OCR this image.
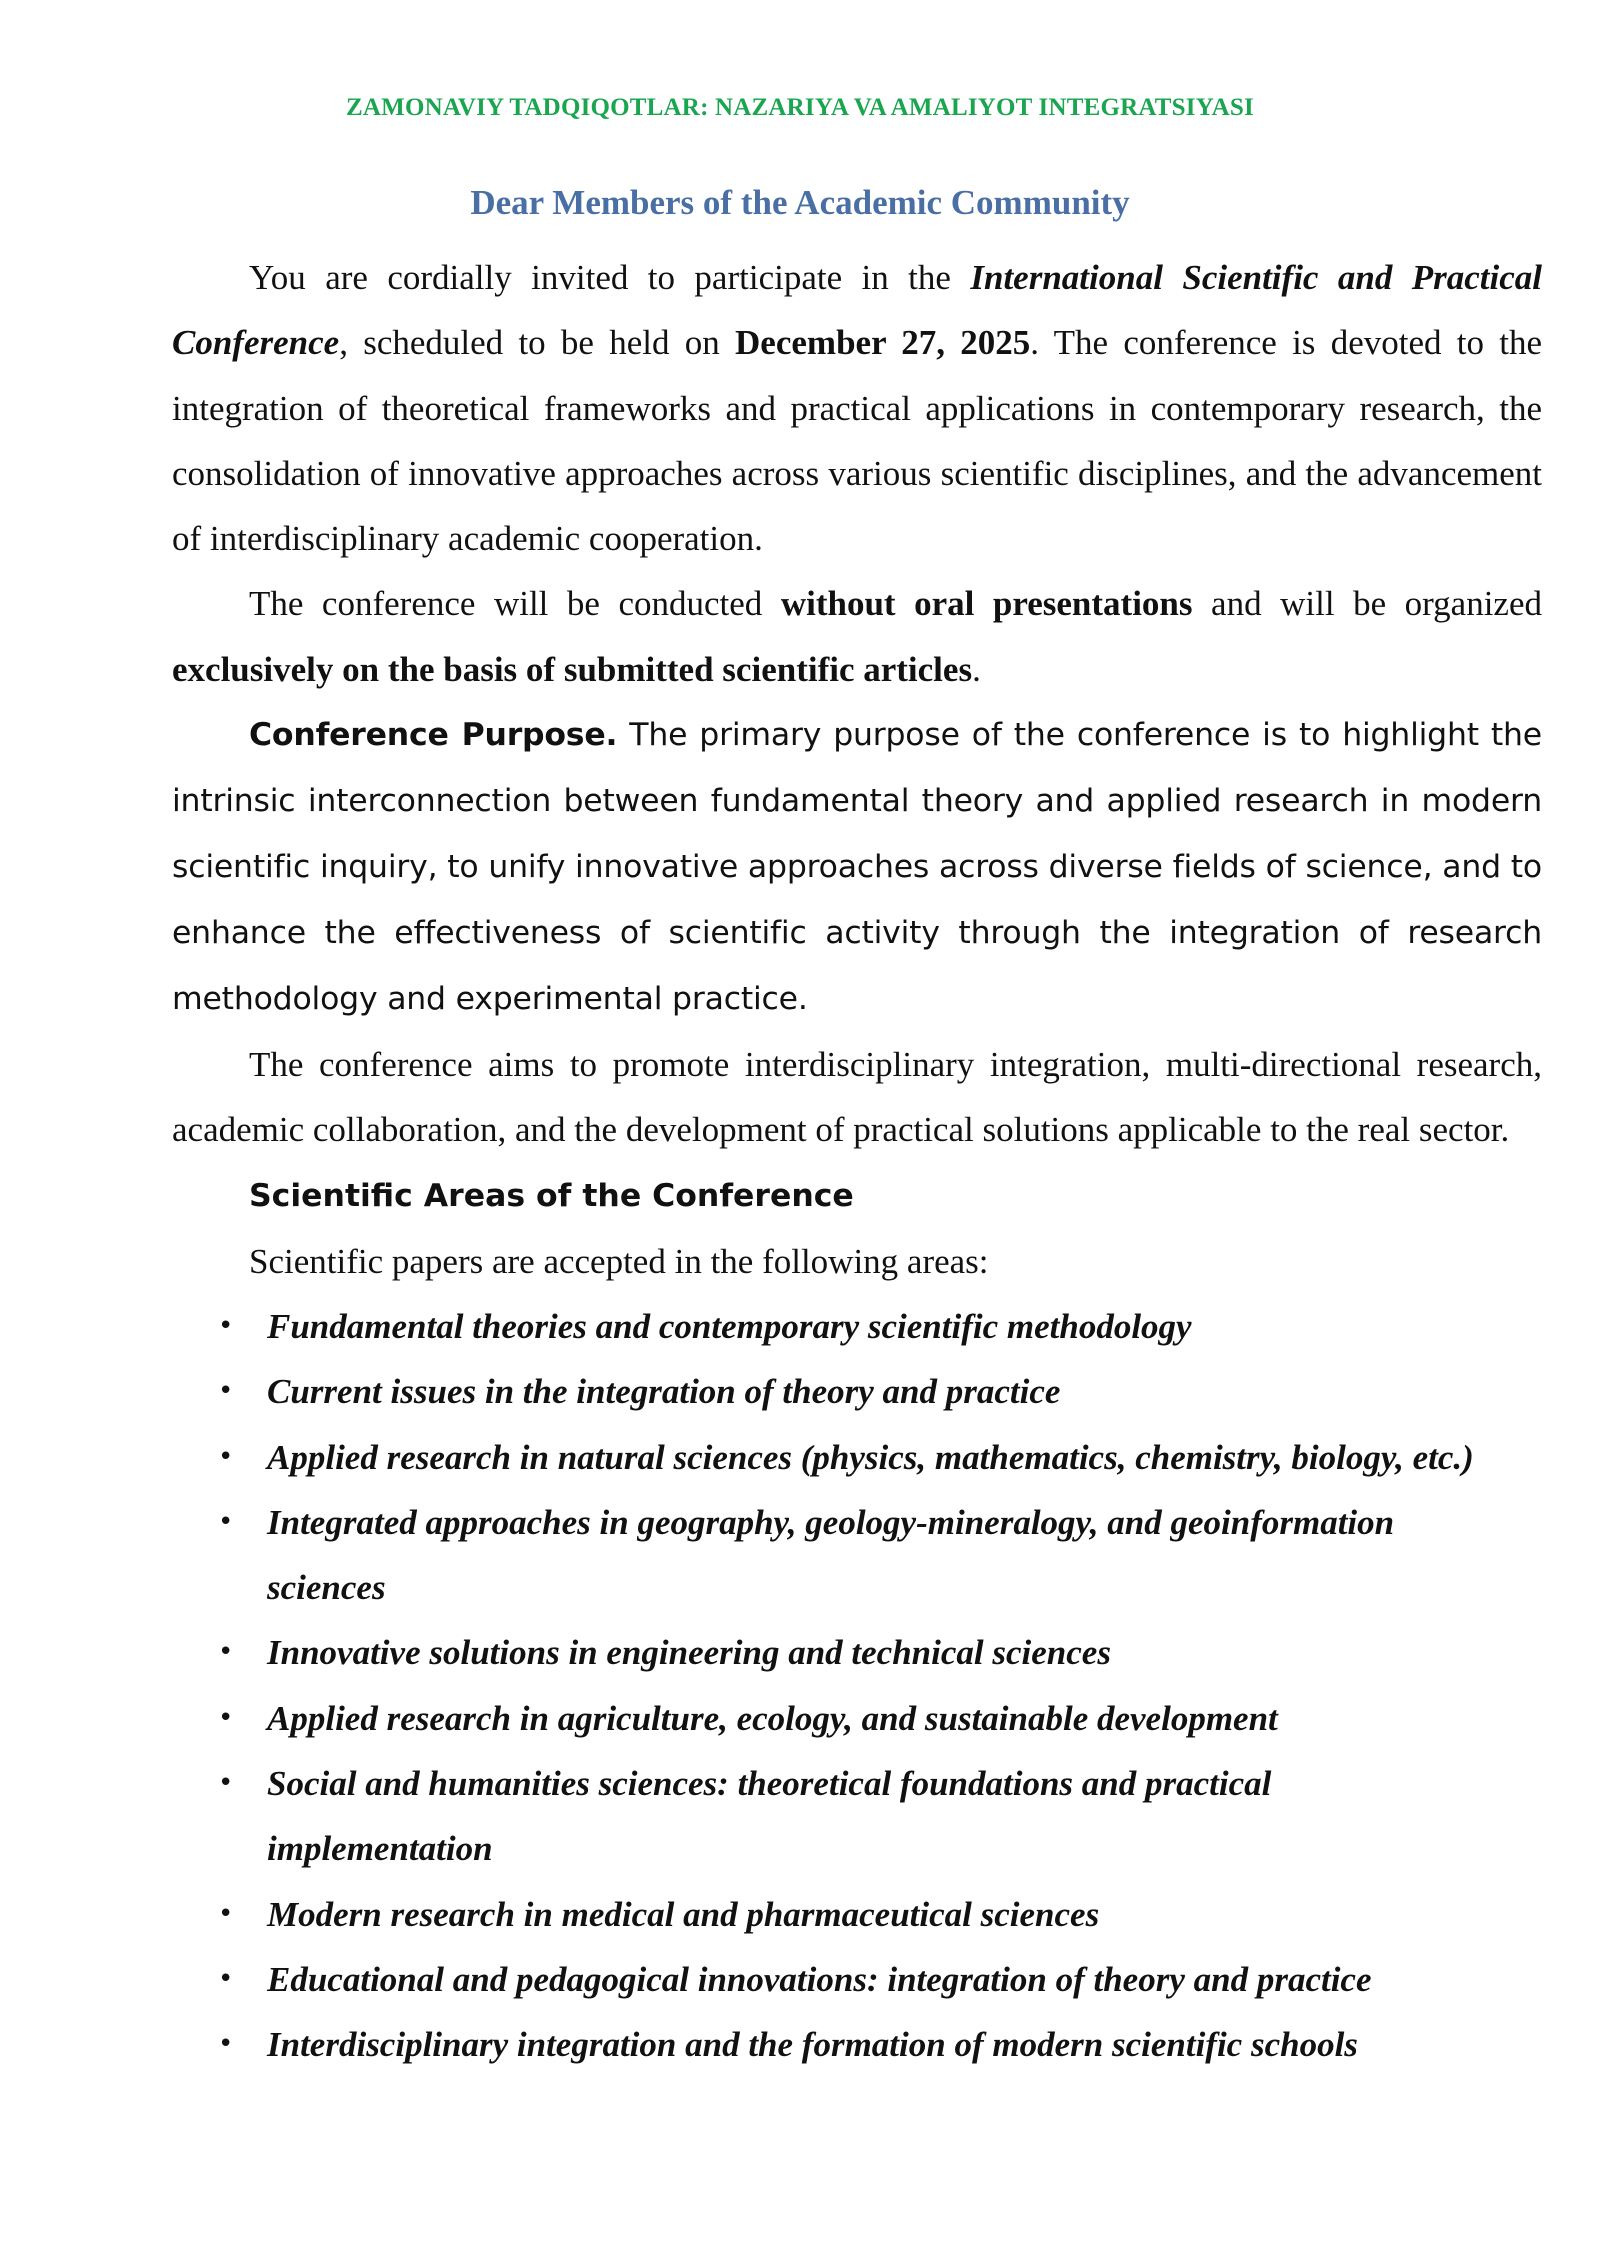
ZAMONAVIY TADQIQOTLAR: NAZARIYA VA AMALIYOT INTEGRATSIYASI
Dear Members of the Academic Community

You are cordially invited to participate in the International Scientific and Practical Conference, scheduled to be held on December 27, 2025. The conference is devoted to the integration of theoretical frameworks and practical applications in contemporary research, the consolidation of innovative approaches across various scientific disciplines, and the advancement of interdisciplinary academic cooperation.

The conference will be conducted without oral presentations and will be organized exclusively on the basis of submitted scientific articles.

Conference Purpose. The primary purpose of the conference is to highlight the intrinsic interconnection between fundamental theory and applied research in modern scientific inquiry, to unify innovative approaches across diverse fields of science, and to enhance the effectiveness of scientific activity through the integration of research methodology and experimental practice.

The conference aims to promote interdisciplinary integration, multi-directional research, academic collaboration, and the development of practical solutions applicable to the real sector.

Scientific Areas of the Conference

Scientific papers are accepted in the following areas:

• Fundamental theories and contemporary scientific methodology
• Current issues in the integration of theory and practice
• Applied research in natural sciences (physics, mathematics, chemistry, biology, etc.)
• Integrated approaches in geography, geology-mineralogy, and geoinformation sciences
• Innovative solutions in engineering and technical sciences
• Applied research in agriculture, ecology, and sustainable development
• Social and humanities sciences: theoretical foundations and practical implementation
• Modern research in medical and pharmaceutical sciences
• Educational and pedagogical innovations: integration of theory and practice
• Interdisciplinary integration and the formation of modern scientific schools
